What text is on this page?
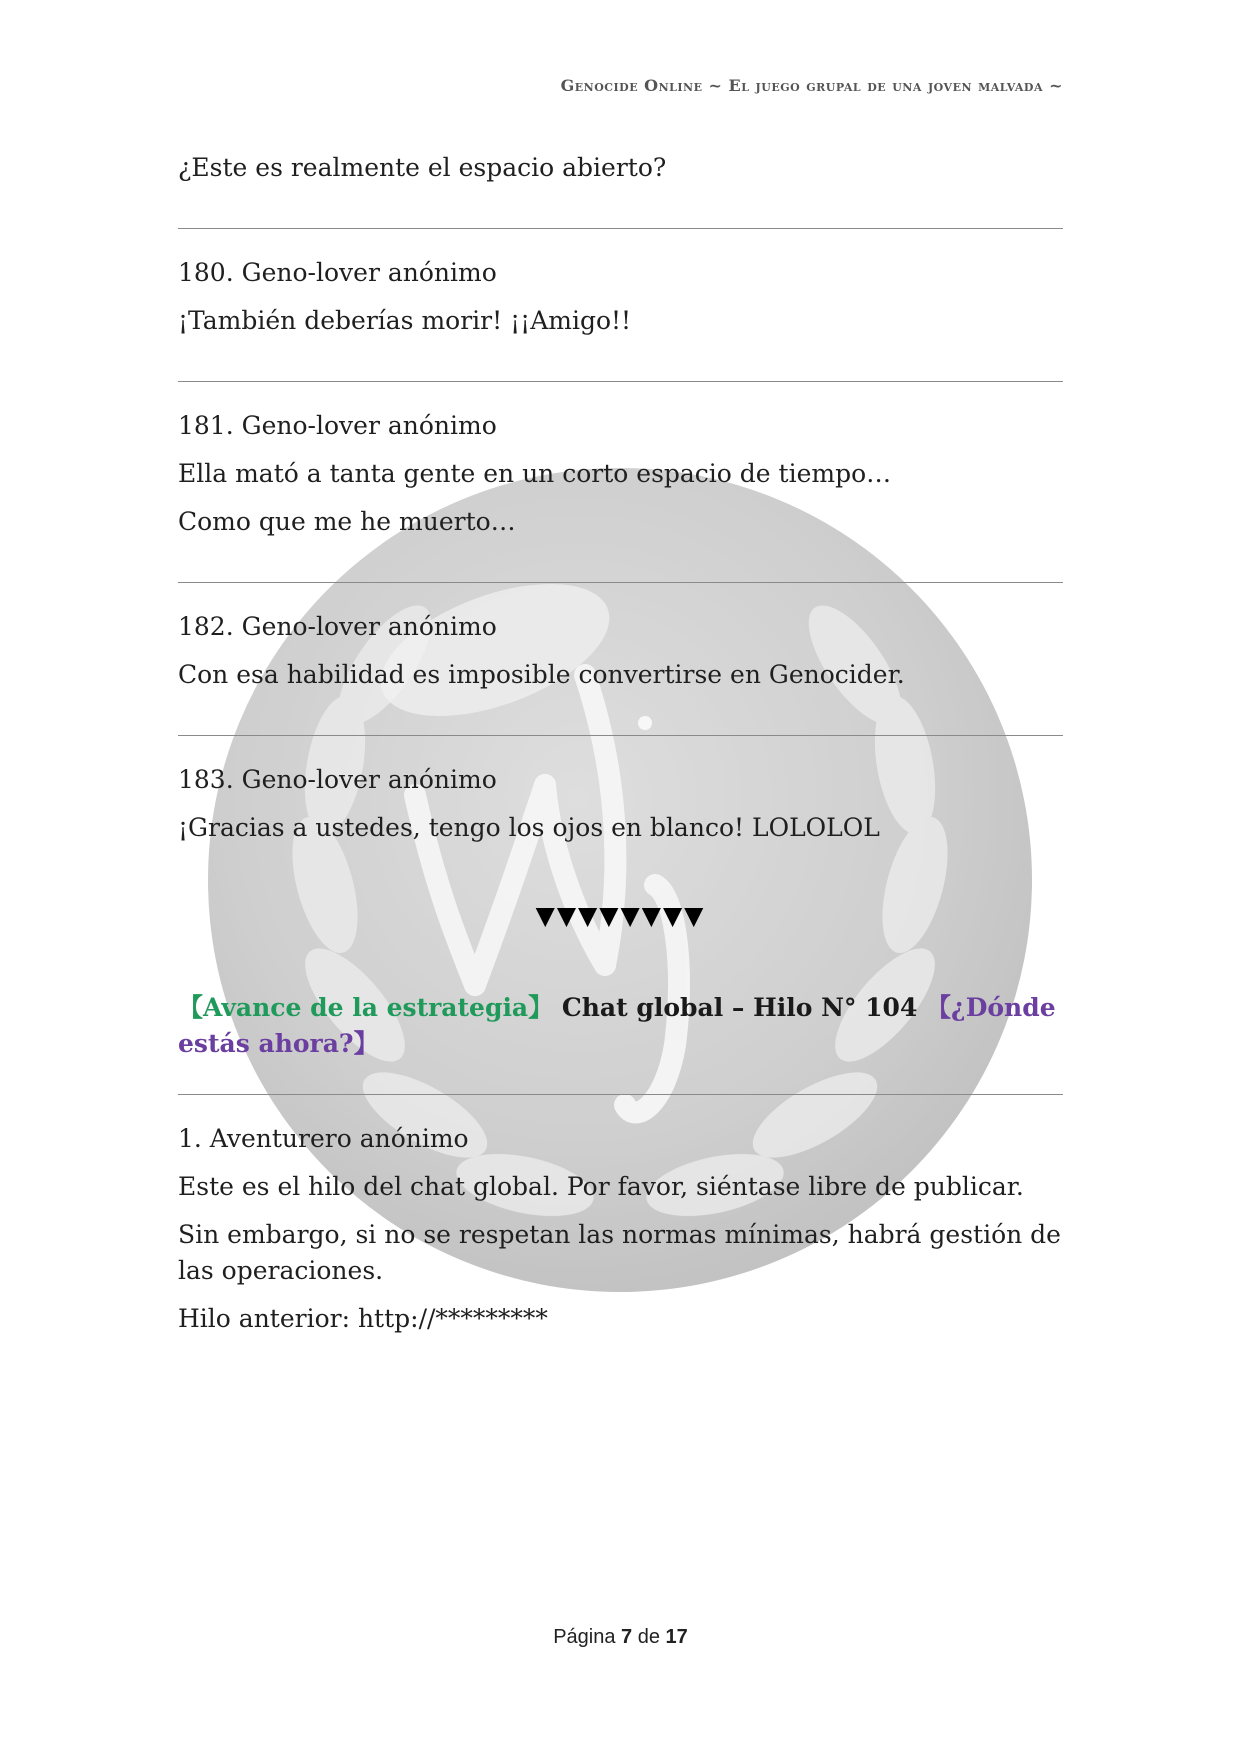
Genocide Online ~ El juego grupal de una joven malvada ~

¿Este es realmente el espacio abierto?

180. Geno-lover anónimo

¡También deberías morir! ¡¡Amigo!!

181. Geno-lover anónimo

Ella mató a tanta gente en un corto espacio de tiempo…

Como que me he muerto…

182. Geno-lover anónimo

Con esa habilidad es imposible convertirse en Genocider.

183. Geno-lover anónimo

¡Gracias a ustedes, tengo los ojos en blanco! LOLOLOL

▼▼▼▼▼▼▼▼

【Avance de la estrategia】 Chat global – Hilo N° 104 【¿Dónde estás ahora?】

1. Aventurero anónimo

Este es el hilo del chat global. Por favor, siéntase libre de publicar.

Sin embargo, si no se respetan las normas mínimas, habrá gestión de las operaciones.

Hilo anterior: http://*********

Página 7 de 17
